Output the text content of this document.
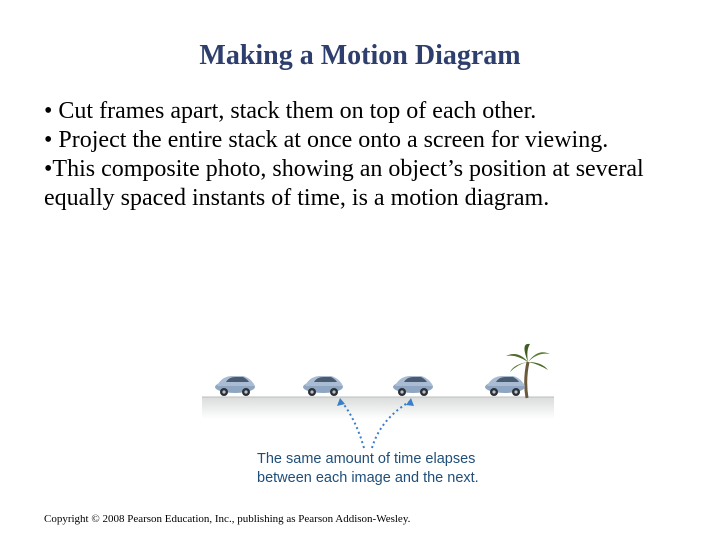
Making a Motion Diagram

• Cut frames apart, stack them on top of each other.

• Project the entire stack at once onto a screen for viewing.

•This composite photo, showing an object’s position at several equally spaced instants of time, is a motion diagram.

The same amount of time elapses

between each image and the next.

Copyright © 2008 Pearson Education, Inc., publishing as Pearson Addison-Wesley.
